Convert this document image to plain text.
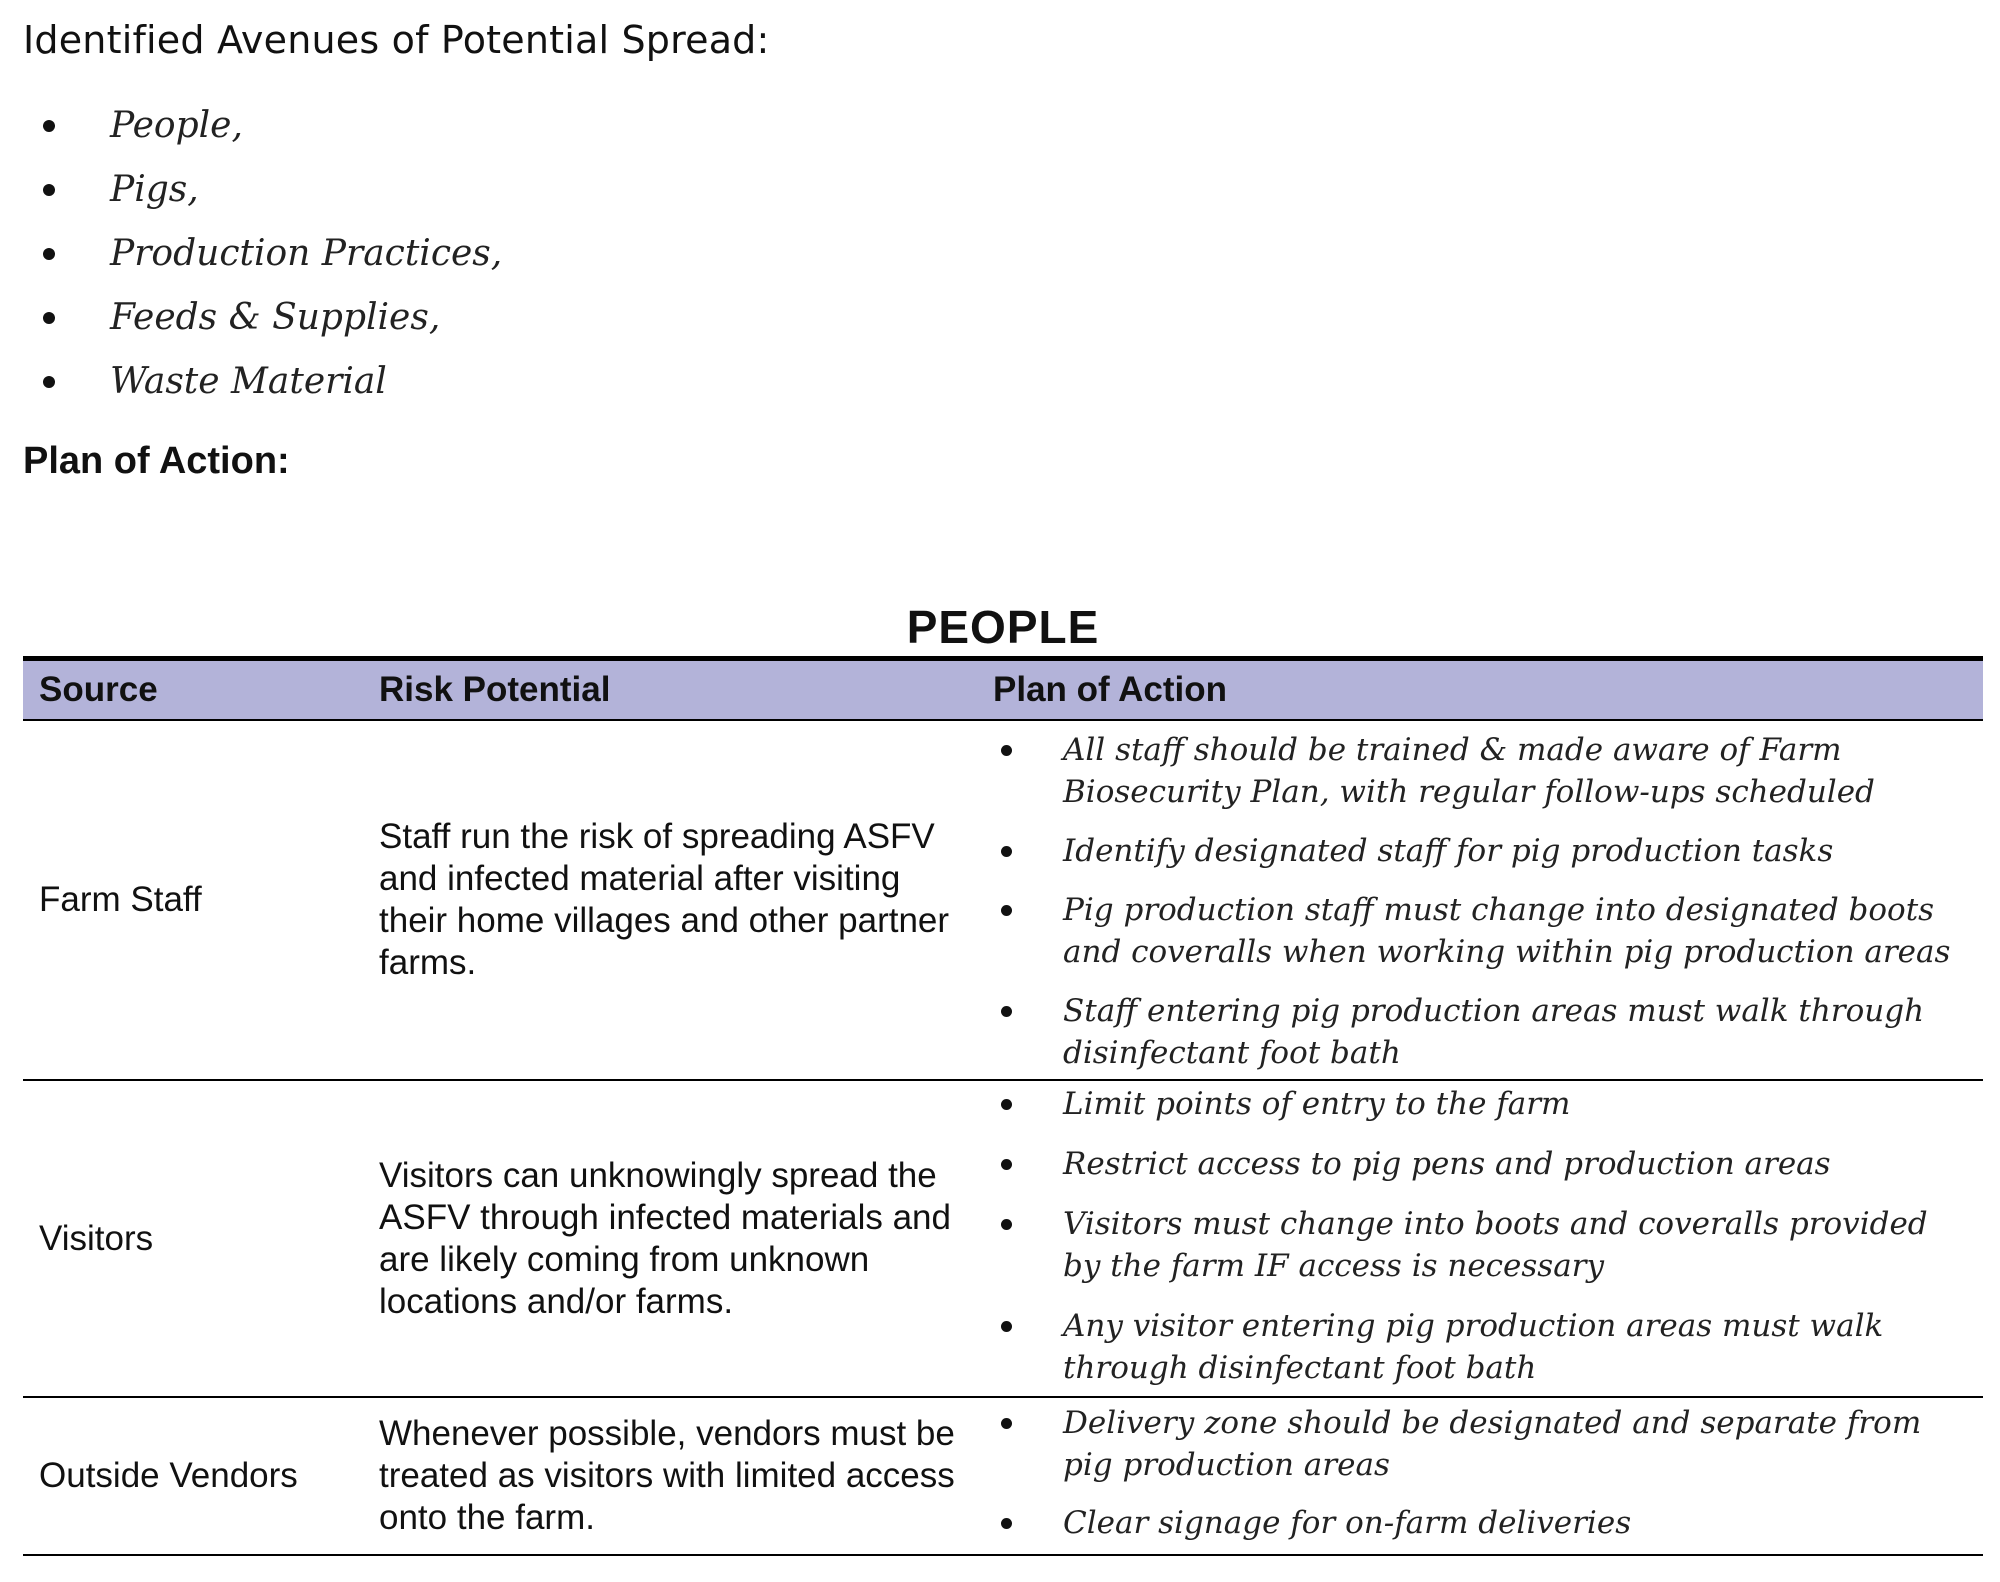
Identified Avenues of Potential Spread:
People,
Pigs,
Production Practices,
Feeds & Supplies,
Waste Material
Plan of Action:
PEOPLE
Source	Risk Potential	Plan of Action
Farm Staff
Staff run the risk of spreading ASFV and infected material after visiting their home villages and other partner farms.
All staff should be trained & made aware of Farm Biosecurity Plan, with regular follow-ups scheduled
Identify designated staff for pig production tasks
Pig production staff must change into designated boots and coveralls when working within pig production areas
Staff entering pig production areas must walk through disinfectant foot bath
Visitors
Visitors can unknowingly spread the ASFV through infected materials and are likely coming from unknown locations and/or farms.
Limit points of entry to the farm
Restrict access to pig pens and production areas
Visitors must change into boots and coveralls provided by the farm IF access is necessary
Any visitor entering pig production areas must walk through disinfectant foot bath
Outside Vendors
Whenever possible, vendors must be treated as visitors with limited access onto the farm.
Delivery zone should be designated and separate from pig production areas
Clear signage for on-farm deliveries
